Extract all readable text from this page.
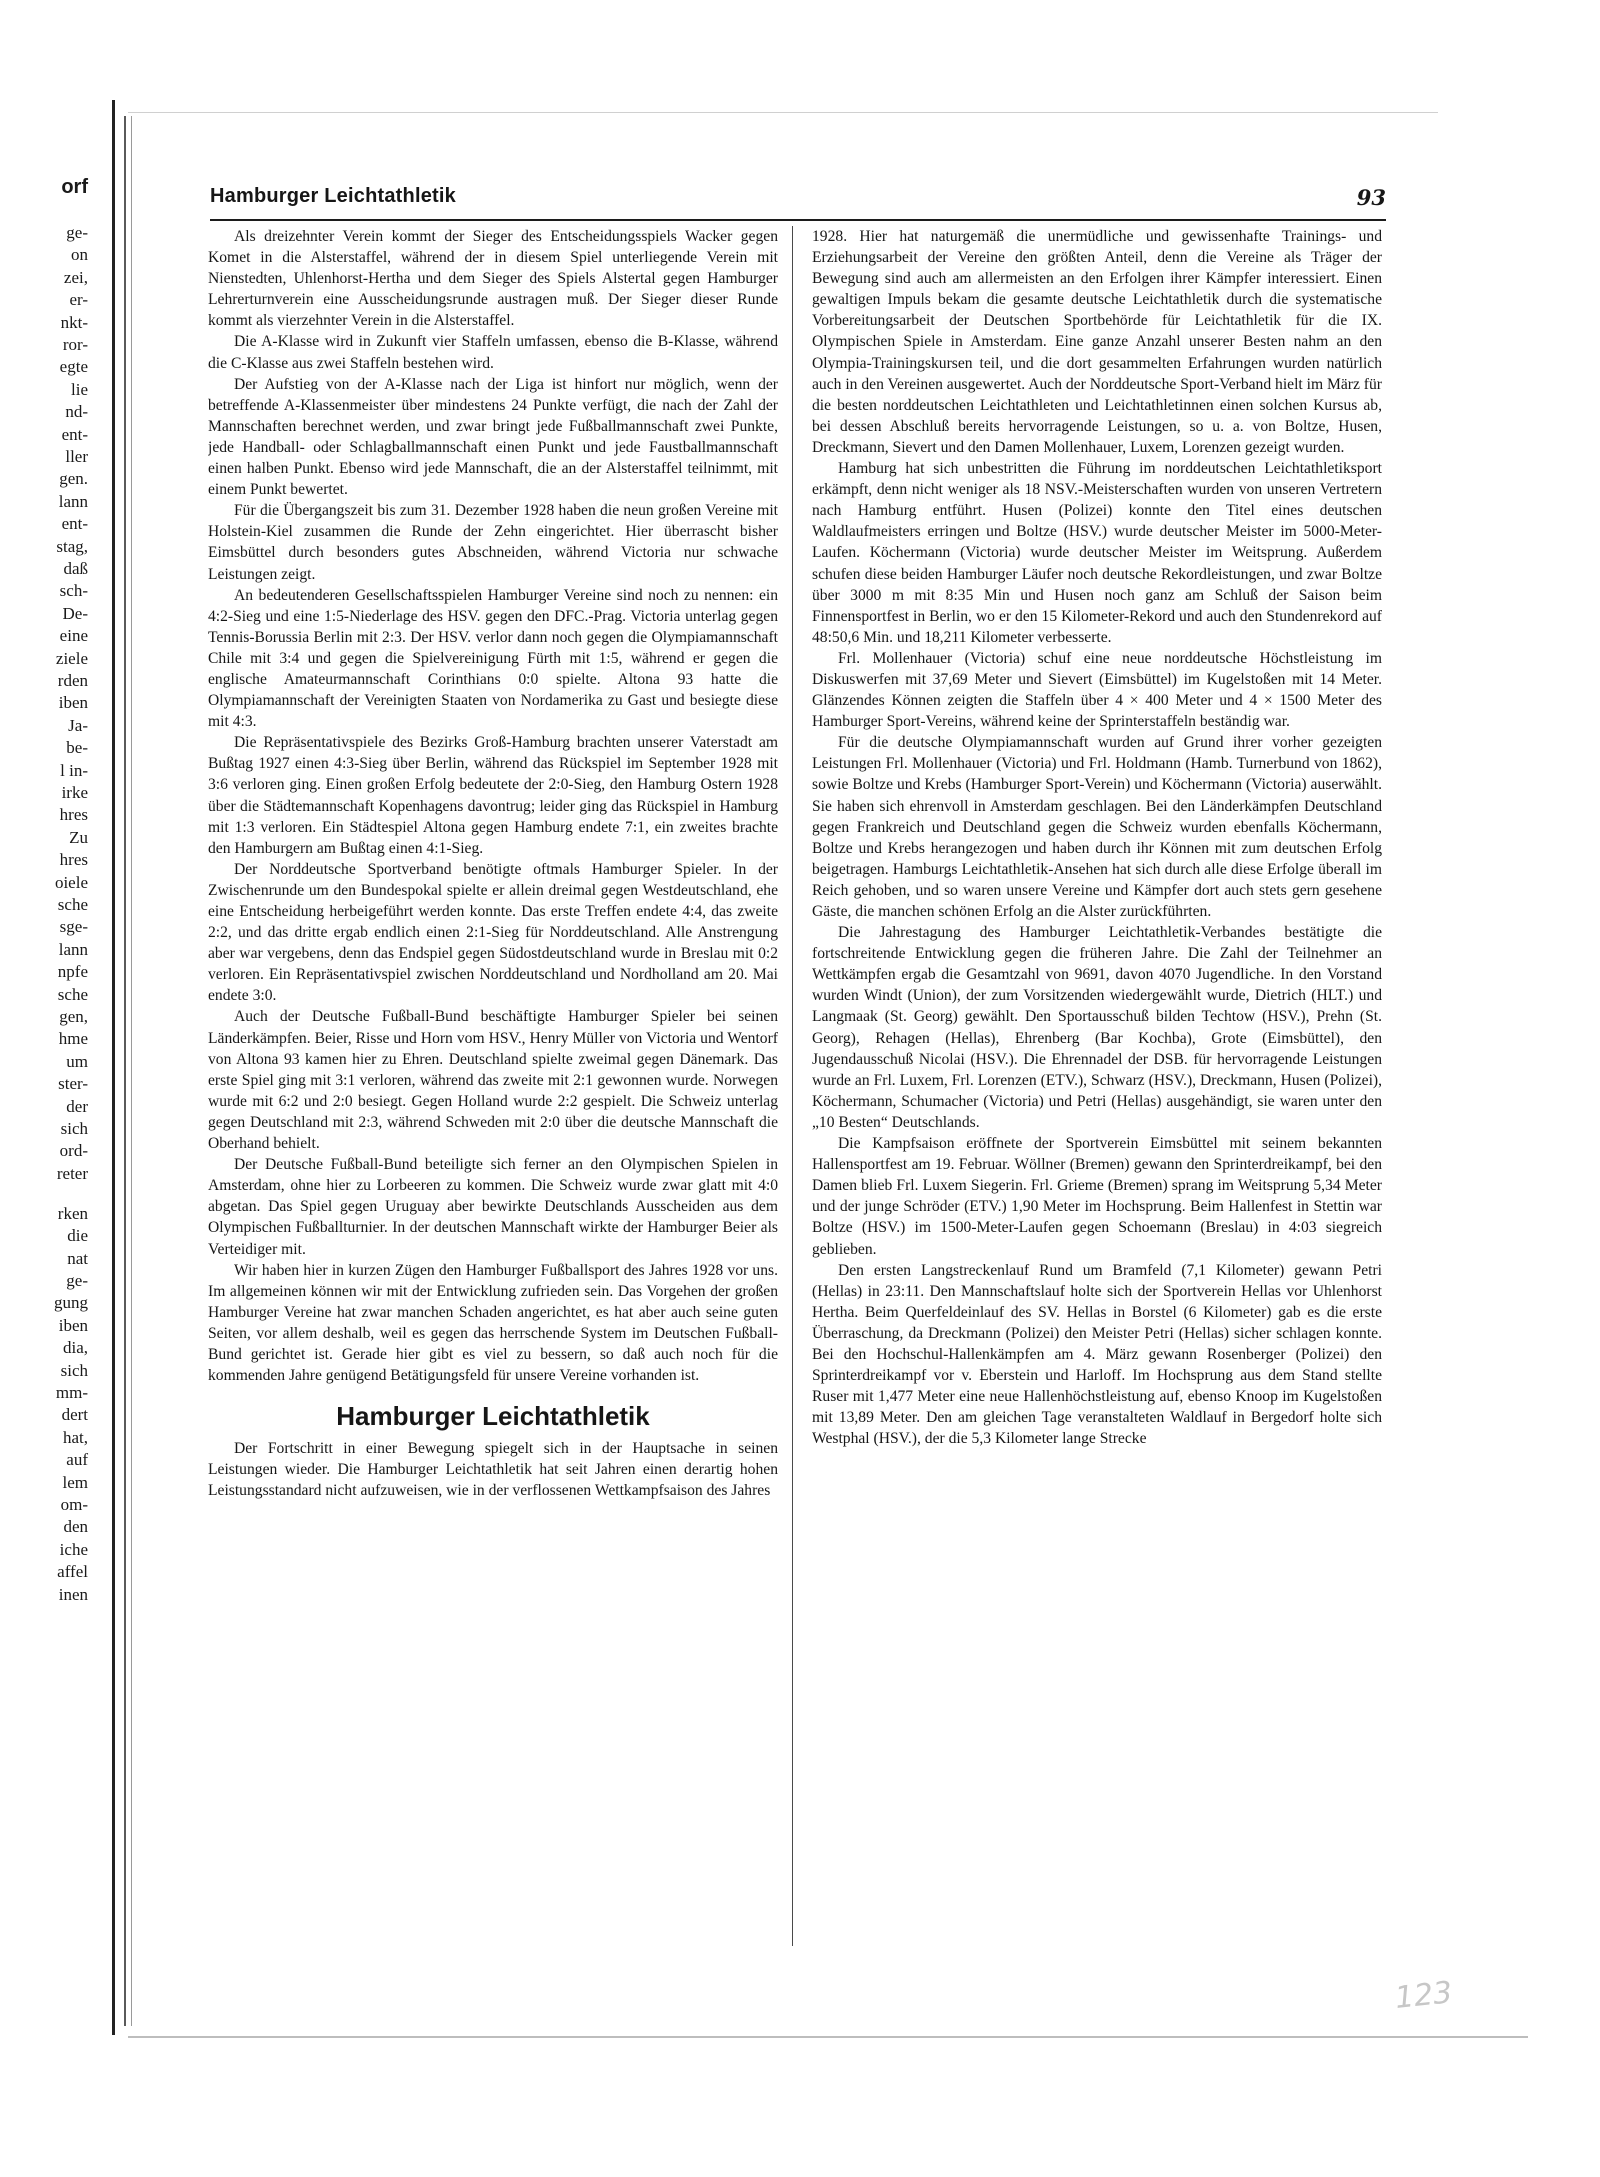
orf
ge-
on
zei,
er-
nkt-
ror-
egte
lie
nd-
ent-
ller
gen.
lann
ent-
stag,
daß
sch-
De-
eine
ziele
rden
iben
Ja-
be-
l in-
irke
hres
Zu
hres
oiele
sche
sge-
lann
npfe
sche
gen,
hme
um
ster-
der
sich
ord-
reter
rken
die
nat
ge-
gung
iben
dia,
sich
mm-
dert
hat,
auf
lem
om-
den
iche
affel
inen
Hamburger Leichtathletik	93

Als dreizehnter Verein kommt der Sieger des Entscheidungsspiels Wacker gegen Komet in die Alsterstaffel, während der in diesem Spiel unterliegende Verein mit Nienstedten, Uhlenhorst-Hertha und dem Sieger des Spiels Alstertal gegen Hamburger Lehrerturnverein eine Ausscheidungsrunde austragen muß. Der Sieger dieser Runde kommt als vierzehnter Verein in die Alsterstaffel.

Die A-Klasse wird in Zukunft vier Staffeln umfassen, ebenso die B-Klasse, während die C-Klasse aus zwei Staffeln bestehen wird.

Der Aufstieg von der A-Klasse nach der Liga ist hinfort nur möglich, wenn der betreffende A-Klassenmeister über mindestens 24 Punkte verfügt, die nach der Zahl der Mannschaften berechnet werden, und zwar bringt jede Fußballmannschaft zwei Punkte, jede Handball- oder Schlagballmannschaft einen Punkt und jede Faustballmannschaft einen halben Punkt. Ebenso wird jede Mannschaft, die an der Alsterstaffel teilnimmt, mit einem Punkt bewertet.

Für die Übergangszeit bis zum 31. Dezember 1928 haben die neun großen Vereine mit Holstein-Kiel zusammen die Runde der Zehn eingerichtet. Hier überrascht bisher Eimsbüttel durch besonders gutes Abschneiden, während Victoria nur schwache Leistungen zeigt.

An bedeutenderen Gesellschaftsspielen Hamburger Vereine sind noch zu nennen: ein 4:2-Sieg und eine 1:5-Niederlage des HSV. gegen den DFC.-Prag. Victoria unterlag gegen Tennis-Borussia Berlin mit 2:3. Der HSV. verlor dann noch gegen die Olympiamannschaft Chile mit 3:4 und gegen die Spielvereinigung Fürth mit 1:5, während er gegen die englische Amateurmannschaft Corinthians 0:0 spielte. Altona 93 hatte die Olympiamannschaft der Vereinigten Staaten von Nordamerika zu Gast und besiegte diese mit 4:3.

Die Repräsentativspiele des Bezirks Groß-Hamburg brachten unserer Vaterstadt am Bußtag 1927 einen 4:3-Sieg über Berlin, während das Rückspiel im September 1928 mit 3:6 verloren ging. Einen großen Erfolg bedeutete der 2:0-Sieg, den Hamburg Ostern 1928 über die Städtemannschaft Kopenhagens davontrug; leider ging das Rückspiel in Hamburg mit 1:3 verloren. Ein Städtespiel Altona gegen Hamburg endete 7:1, ein zweites brachte den Hamburgern am Bußtag einen 4:1-Sieg.

Der Norddeutsche Sportverband benötigte oftmals Hamburger Spieler. In der Zwischenrunde um den Bundespokal spielte er allein dreimal gegen Westdeutschland, ehe eine Entscheidung herbeigeführt werden konnte. Das erste Treffen endete 4:4, das zweite 2:2, und das dritte ergab endlich einen 2:1-Sieg für Norddeutschland. Alle Anstrengung aber war vergebens, denn das Endspiel gegen Südostdeutschland wurde in Breslau mit 0:2 verloren. Ein Repräsentativspiel zwischen Norddeutschland und Nordholland am 20. Mai endete 3:0.

Auch der Deutsche Fußball-Bund beschäftigte Hamburger Spieler bei seinen Länderkämpfen. Beier, Risse und Horn vom HSV., Henry Müller von Victoria und Wentorf von Altona 93 kamen hier zu Ehren. Deutschland spielte zweimal gegen Dänemark. Das erste Spiel ging mit 3:1 verloren, während das zweite mit 2:1 gewonnen wurde. Norwegen wurde mit 6:2 und 2:0 besiegt. Gegen Holland wurde 2:2 gespielt. Die Schweiz unterlag gegen Deutschland mit 2:3, während Schweden mit 2:0 über die deutsche Mannschaft die Oberhand behielt.

Der Deutsche Fußball-Bund beteiligte sich ferner an den Olympischen Spielen in Amsterdam, ohne hier zu Lorbeeren zu kommen. Die Schweiz wurde zwar glatt mit 4:0 abgetan. Das Spiel gegen Uruguay aber bewirkte Deutschlands Ausscheiden aus dem Olympischen Fußballturnier. In der deutschen Mannschaft wirkte der Hamburger Beier als Verteidiger mit.

Wir haben hier in kurzen Zügen den Hamburger Fußballsport des Jahres 1928 vor uns. Im allgemeinen können wir mit der Entwicklung zufrieden sein. Das Vorgehen der großen Hamburger Vereine hat zwar manchen Schaden angerichtet, es hat aber auch seine guten Seiten, vor allem deshalb, weil es gegen das herrschende System im Deutschen Fußball-Bund gerichtet ist. Gerade hier gibt es viel zu bessern, so daß auch noch für die kommenden Jahre genügend Betätigungsfeld für unsere Vereine vorhanden ist.

Hamburger Leichtathletik

Der Fortschritt in einer Bewegung spiegelt sich in der Hauptsache in seinen Leistungen wieder. Die Hamburger Leichtathletik hat seit Jahren einen derartig hohen Leistungsstandard nicht aufzuweisen, wie in der verflossenen Wettkampfsaison des Jahres

1928. Hier hat naturgemäß die unermüdliche und gewissenhafte Trainings- und Erziehungsarbeit der Vereine den größten Anteil, denn die Vereine als Träger der Bewegung sind auch am allermeisten an den Erfolgen ihrer Kämpfer interessiert. Einen gewaltigen Impuls bekam die gesamte deutsche Leichtathletik durch die systematische Vorbereitungsarbeit der Deutschen Sportbehörde für Leichtathletik für die IX. Olympischen Spiele in Amsterdam. Eine ganze Anzahl unserer Besten nahm an den Olympia-Trainingskursen teil, und die dort gesammelten Erfahrungen wurden natürlich auch in den Vereinen ausgewertet. Auch der Norddeutsche Sport-Verband hielt im März für die besten norddeutschen Leichtathleten und Leichtathletinnen einen solchen Kursus ab, bei dessen Abschluß bereits hervorragende Leistungen, so u. a. von Boltze, Husen, Dreckmann, Sievert und den Damen Mollenhauer, Luxem, Lorenzen gezeigt wurden.

Hamburg hat sich unbestritten die Führung im norddeutschen Leichtathletiksport erkämpft, denn nicht weniger als 18 NSV.-Meisterschaften wurden von unseren Vertretern nach Hamburg entführt. Husen (Polizei) konnte den Titel eines deutschen Waldlaufmeisters erringen und Boltze (HSV.) wurde deutscher Meister im 5000-Meter-Laufen. Köchermann (Victoria) wurde deutscher Meister im Weitsprung. Außerdem schufen diese beiden Hamburger Läufer noch deutsche Rekordleistungen, und zwar Boltze über 3000 m mit 8:35 Min und Husen noch ganz am Schluß der Saison beim Finnensportfest in Berlin, wo er den 15 Kilometer-Rekord und auch den Stundenrekord auf 48:50,6 Min. und 18,211 Kilometer verbesserte.

Frl. Mollenhauer (Victoria) schuf eine neue norddeutsche Höchstleistung im Diskuswerfen mit 37,69 Meter und Sievert (Eimsbüttel) im Kugelstoßen mit 14 Meter. Glänzendes Können zeigten die Staffeln über 4 × 400 Meter und 4 × 1500 Meter des Hamburger Sport-Vereins, während keine der Sprinterstaffeln beständig war.

Für die deutsche Olympiamannschaft wurden auf Grund ihrer vorher gezeigten Leistungen Frl. Mollenhauer (Victoria) und Frl. Holdmann (Hamb. Turnerbund von 1862), sowie Boltze und Krebs (Hamburger Sport-Verein) und Köchermann (Victoria) auserwählt. Sie haben sich ehrenvoll in Amsterdam geschlagen. Bei den Länderkämpfen Deutschland gegen Frankreich und Deutschland gegen die Schweiz wurden ebenfalls Köchermann, Boltze und Krebs herangezogen und haben durch ihr Können mit zum deutschen Erfolg beigetragen. Hamburgs Leichtathletik-Ansehen hat sich durch alle diese Erfolge überall im Reich gehoben, und so waren unsere Vereine und Kämpfer dort auch stets gern gesehene Gäste, die manchen schönen Erfolg an die Alster zurückführten.

Die Jahrestagung des Hamburger Leichtathletik-Verbandes bestätigte die fortschreitende Entwicklung gegen die früheren Jahre. Die Zahl der Teilnehmer an Wettkämpfen ergab die Gesamtzahl von 9691, davon 4070 Jugendliche. In den Vorstand wurden Windt (Union), der zum Vorsitzenden wiedergewählt wurde, Dietrich (HLT.) und Langmaak (St. Georg) gewählt. Den Sportausschuß bilden Techtow (HSV.), Prehn (St. Georg), Rehagen (Hellas), Ehrenberg (Bar Kochba), Grote (Eimsbüttel), den Jugendausschuß Nicolai (HSV.). Die Ehrennadel der DSB. für hervorragende Leistungen wurde an Frl. Luxem, Frl. Lorenzen (ETV.), Schwarz (HSV.), Dreckmann, Husen (Polizei), Köchermann, Schumacher (Victoria) und Petri (Hellas) ausgehändigt, sie waren unter den „10 Besten“ Deutschlands.

Die Kampfsaison eröffnete der Sportverein Eimsbüttel mit seinem bekannten Hallensportfest am 19. Februar. Wöllner (Bremen) gewann den Sprinterdreikampf, bei den Damen blieb Frl. Luxem Siegerin. Frl. Grieme (Bremen) sprang im Weitsprung 5,34 Meter und der junge Schröder (ETV.) 1,90 Meter im Hochsprung. Beim Hallenfest in Stettin war Boltze (HSV.) im 1500-Meter-Laufen gegen Schoemann (Breslau) in 4:03 siegreich geblieben.

Den ersten Langstreckenlauf Rund um Bramfeld (7,1 Kilometer) gewann Petri (Hellas) in 23:11. Den Mannschaftslauf holte sich der Sportverein Hellas vor Uhlenhorst Hertha. Beim Querfeldeinlauf des SV. Hellas in Borstel (6 Kilometer) gab es die erste Überraschung, da Dreckmann (Polizei) den Meister Petri (Hellas) sicher schlagen konnte. Bei den Hochschul-Hallenkämpfen am 4. März gewann Rosenberger (Polizei) den Sprinterdreikampf vor v. Eberstein und Harloff. Im Hochsprung aus dem Stand stellte Ruser mit 1,477 Meter eine neue Hallenhöchstleistung auf, ebenso Knoop im Kugelstoßen mit 13,89 Meter. Den am gleichen Tage veranstalteten Waldlauf in Bergedorf holte sich Westphal (HSV.), der die 5,3 Kilometer lange Strecke

123
